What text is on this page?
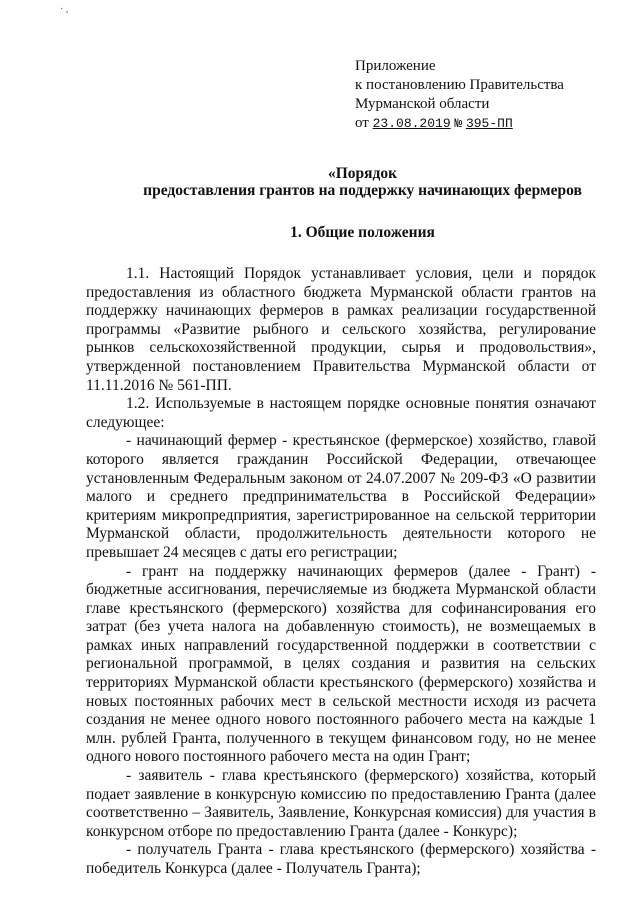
· ,
Приложение
к постановлению Правительства
Мурманской области
от 23.08.2019 № 395-ПП
«Порядок
предоставления грантов на поддержку начинающих фермеров
1. Общие положения

1.1. Настоящий Порядок устанавливает условия, цели и порядок предоставления из областного бюджета Мурманской области грантов на поддержку начинающих фермеров в рамках реализации государственной программы «Развитие рыбного и сельского хозяйства, регулирование рынков сельскохозяйственной продукции, сырья и продовольствия», утвержденной постановлением Правительства Мурманской области от 11.11.2016 № 561-ПП.

1.2. Используемые в настоящем порядке основные понятия означают следующее:

- начинающий фермер - крестьянское (фермерское) хозяйство, главой которого является гражданин Российской Федерации, отвечающее установленным Федеральным законом от 24.07.2007 № 209-ФЗ «О развитии малого и среднего предпринимательства в Российской Федерации» критериям микропредприятия, зарегистрированное на сельской территории Мурманской области, продолжительность деятельности которого не превышает 24 месяцев с даты его регистрации;

- грант на поддержку начинающих фермеров (далее - Грант) - бюджетные ассигнования, перечисляемые из бюджета Мурманской области главе крестьянского (фермерского) хозяйства для софинансирования его затрат (без учета налога на добавленную стоимость), не возмещаемых в рамках иных направлений государственной поддержки в соответствии с региональной программой, в целях создания и развития на сельских территориях Мурманской области крестьянского (фермерского) хозяйства и новых постоянных рабочих мест в сельской местности исходя из расчета создания не менее одного нового постоянного рабочего места на каждые 1 млн. рублей Гранта, полученного в текущем финансовом году, но не менее одного нового постоянного рабочего места на один Грант;

- заявитель - глава крестьянского (фермерского) хозяйства, который подает заявление в конкурсную комиссию по предоставлению Гранта (далее соответственно – Заявитель, Заявление, Конкурсная комиссия) для участия в конкурсном отборе по предоставлению Гранта (далее - Конкурс);

- получатель Гранта - глава крестьянского (фермерского) хозяйства - победитель Конкурса (далее - Получатель Гранта);
